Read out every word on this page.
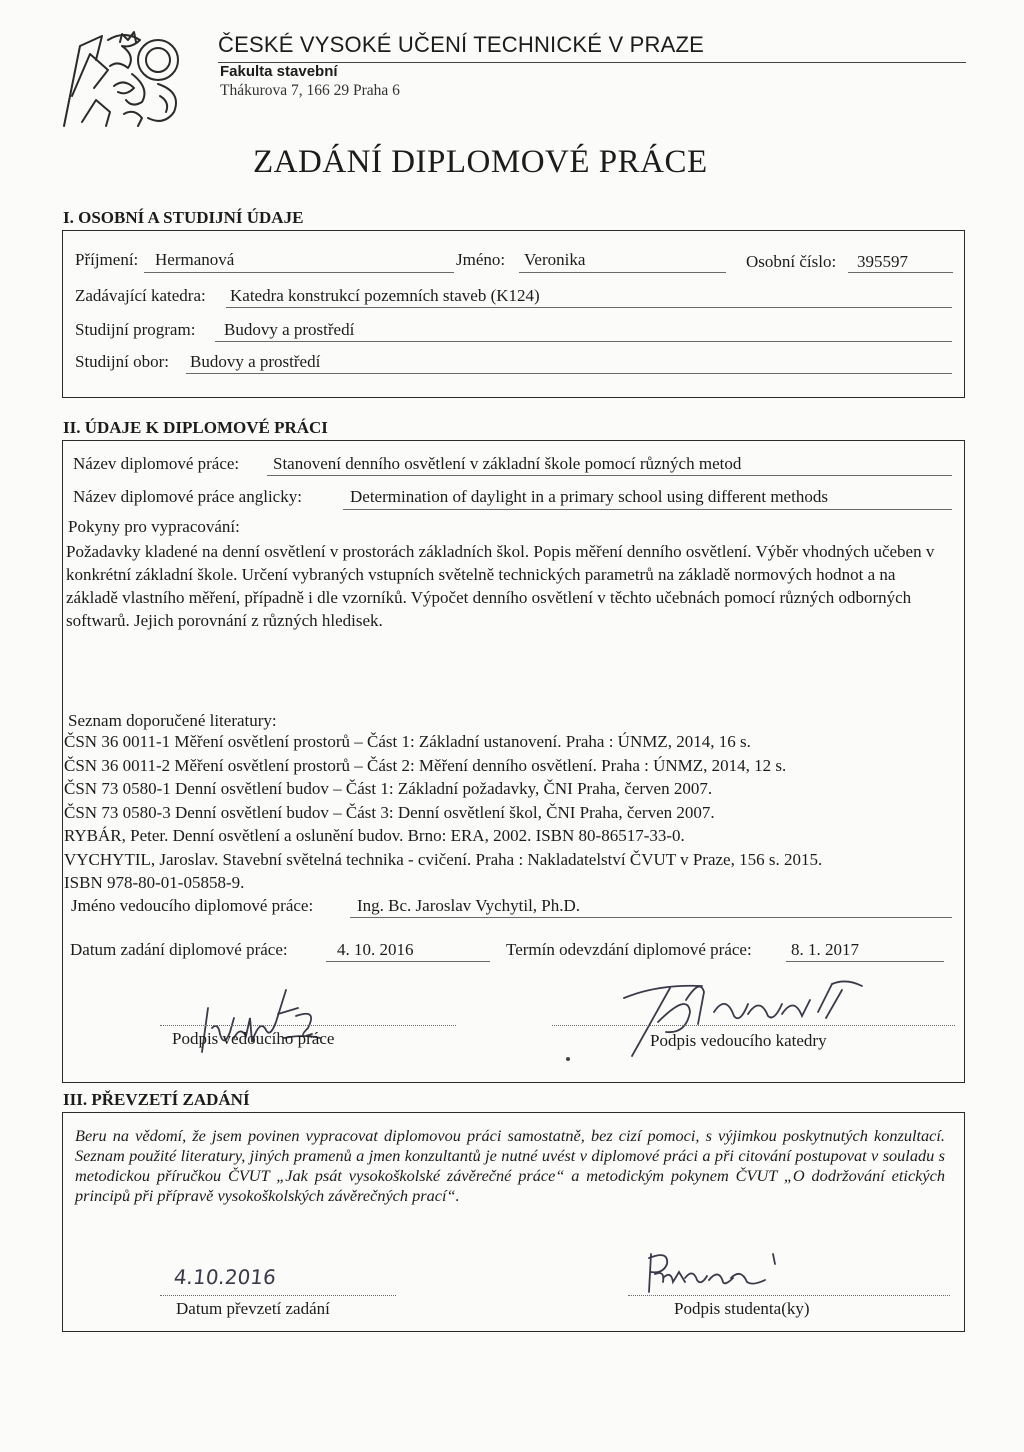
ČESKÉ VYSOKÉ UČENÍ TECHNICKÉ V PRAZE
Fakulta stavební
Thákurova 7, 166 29 Praha 6
ZADÁNÍ DIPLOMOVÉ PRÁCE
I. OSOBNÍ A STUDIJNÍ ÚDAJE
Příjmení: Hermanová	Jméno: Veronika	Osobní číslo: 395597
Zadávající katedra: Katedra konstrukcí pozemních staveb (K124)
Studijní program: Budovy a prostředí
Studijní obor: Budovy a prostředí
II. ÚDAJE K DIPLOMOVÉ PRÁCI
Název diplomové práce: Stanovení denního osvětlení v základní škole pomocí různých metod
Název diplomové práce anglicky:	Determination of daylight in a primary school using different methods
Pokyny pro vypracování:
Požadavky kladené na denní osvětlení v prostorách základních škol. Popis měření denního osvětlení. Výběr vhodných učeben v konkrétní základní škole. Určení vybraných vstupních světelně technických parametrů na základě normových hodnot a na základě vlastního měření, případně i dle vzorníků. Výpočet denního osvětlení v těchto učebnách pomocí různých odborných softwarů. Jejich porovnání z různých hledisek.
Seznam doporučené literatury:
ČSN 36 0011-1 Měření osvětlení prostorů – Část 1: Základní ustanovení. Praha : ÚNMZ, 2014, 16 s.
ČSN 36 0011-2 Měření osvětlení prostorů – Část 2: Měření denního osvětlení. Praha : ÚNMZ, 2014, 12 s.
ČSN 73 0580-1 Denní osvětlení budov – Část 1: Základní požadavky, ČNI Praha, červen 2007.
ČSN 73 0580-3 Denní osvětlení budov – Část 3: Denní osvětlení škol, ČNI Praha, červen 2007.
RYBÁR, Peter. Denní osvětlení a oslunění budov. Brno: ERA, 2002. ISBN 80-86517-33-0.
VYCHYTIL, Jaroslav. Stavební světelná technika - cvičení. Praha : Nakladatelství ČVUT v Praze, 156 s. 2015.
ISBN 978-80-01-05858-9.
Jméno vedoucího diplomové práce:	Ing. Bc. Jaroslav Vychytil, Ph.D.
Datum zadání diplomové práce:	4. 10. 2016	Termín odevzdání diplomové práce: 8. 1. 2017
Podpis vedoucího práce	Podpis vedoucího katedry
III. PŘEVZETÍ ZADÁNÍ
Beru na vědomí, že jsem povinen vypracovat diplomovou práci samostatně, bez cizí pomoci, s výjimkou poskytnutých konzultací. Seznam použité literatury, jiných pramenů a jmen konzultantů je nutné uvést v diplomové práci a při citování postupovat v souladu s metodickou příručkou ČVUT „Jak psát vysokoškolské závěrečné práce“ a metodickým pokynem ČVUT „O dodržování etických principů při přípravě vysokoškolských závěrečných prací“.
4.10.2016
Datum převzetí zadání	Podpis studenta(ky)
